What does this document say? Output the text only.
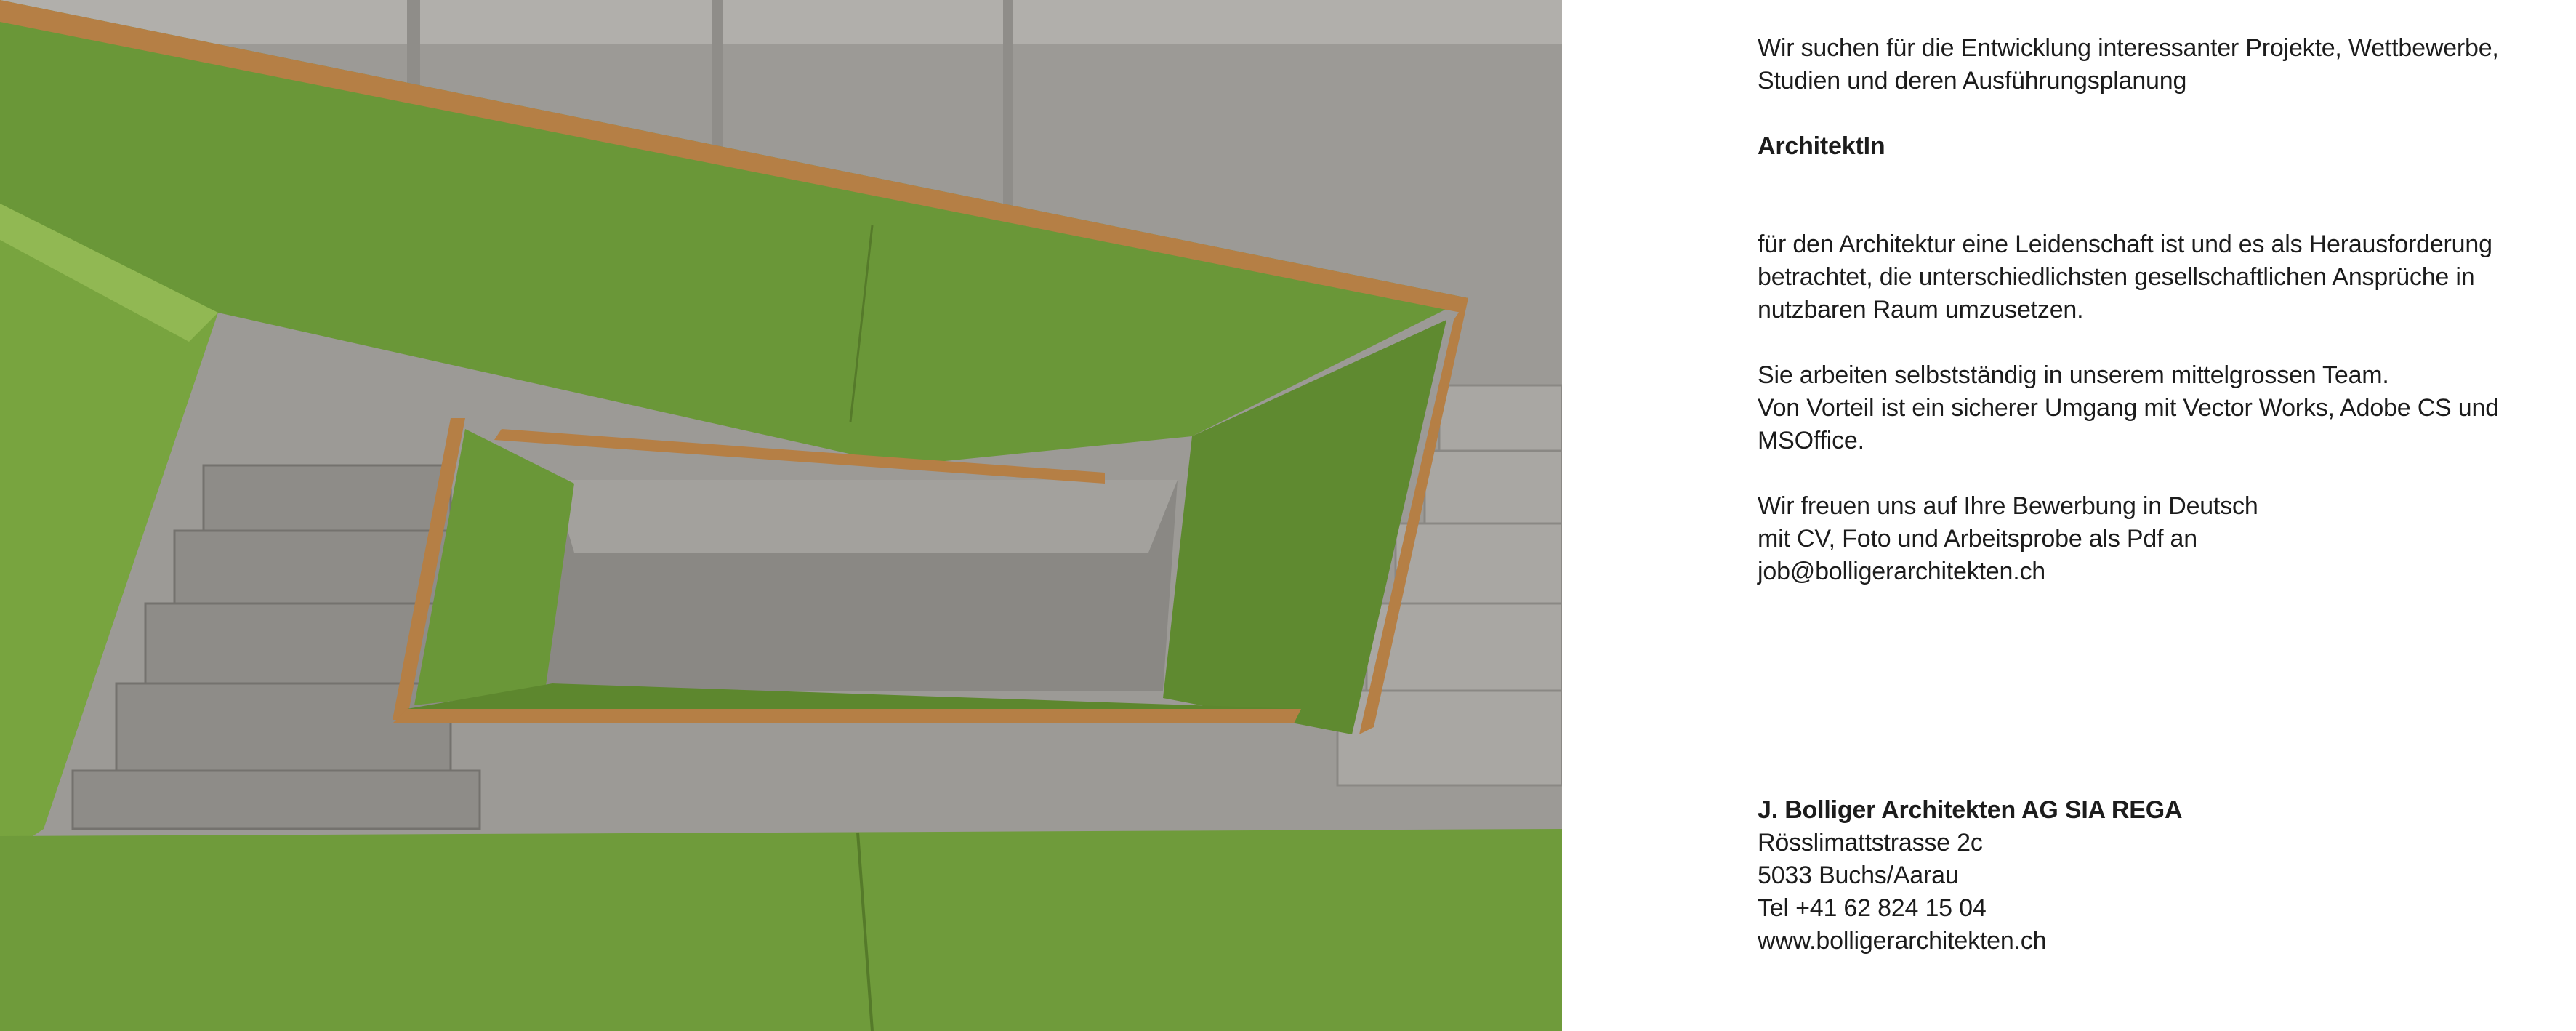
Wir suchen für die Entwicklung interessanter Projekte, Wettbewerbe, Studien und deren Ausführungsplanung

ArchitektIn

für den Architektur eine Leidenschaft ist und es als Herausforderung betrachtet, die unterschiedlichsten gesellschaftlichen Ansprüche in nutzbaren Raum umzusetzen.

Sie arbeiten selbstständig in unserem mittelgrossen Team.

Von Vorteil ist ein sicherer Umgang mit Vector Works, Adobe CS und MSOffice.

Wir freuen uns auf Ihre Bewerbung in Deutsch

mit CV, Foto und Arbeitsprobe als Pdf an

job@bolligerarchitekten.ch

J. Bolliger Architekten AG SIA REGA

Rösslimattstrasse 2c

5033 Buchs/Aarau

Tel +41 62 824 15 04

www.bolligerarchitekten.ch
